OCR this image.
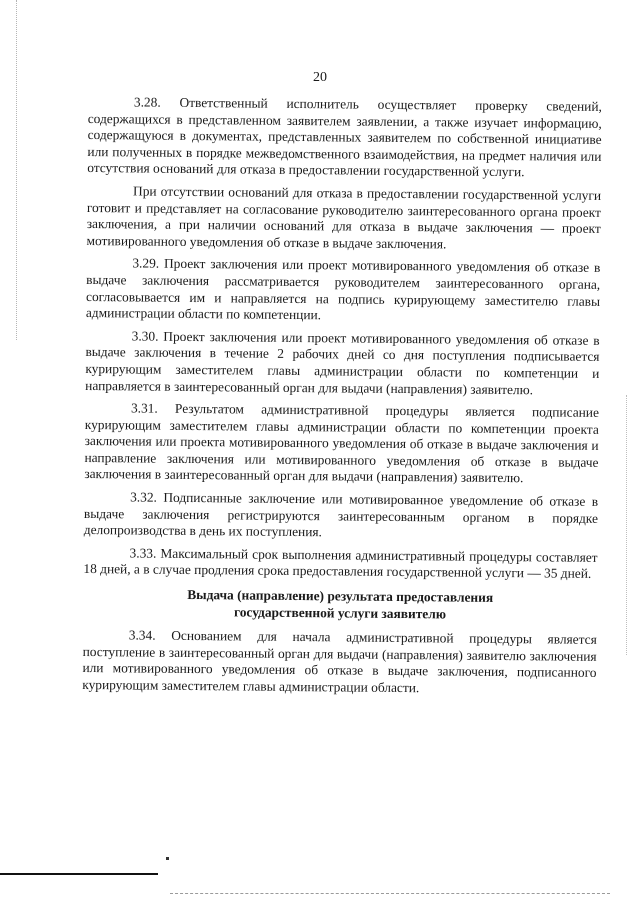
20

3.28. Ответственный исполнитель осуществляет проверку сведений, содержащихся в представленном заявителем заявлении, а также изучает информацию, содержащуюся в документах, представленных заявителем по собственной инициативе или полученных в порядке межведомственного взаимодействия, на предмет наличия или отсутствия оснований для отказа в предоставлении государственной услуги.

При отсутствии оснований для отказа в предоставлении государственной услуги готовит и представляет на согласование руководителю заинтересованного органа проект заключения, а при наличии оснований для отказа в выдаче заключения — проект мотивированного уведомления об отказе в выдаче заключения.

3.29. Проект заключения или проект мотивированного уведомления об отказе в выдаче заключения рассматривается руководителем заинтересованного органа, согласовывается им и направляется на подпись курирующему заместителю главы администрации области по компетенции.

3.30. Проект заключения или проект мотивированного уведомления об отказе в выдаче заключения в течение 2 рабочих дней со дня поступления подписывается курирующим заместителем главы администрации области по компетенции и направляется в заинтересованный орган для выдачи (направления) заявителю.

3.31. Результатом административной процедуры является подписание курирующим заместителем главы администрации области по компетенции проекта заключения или проекта мотивированного уведомления об отказе в выдаче заключения и направление заключения или мотивированного уведомления об отказе в выдаче заключения в заинтересованный орган для выдачи (направления) заявителю.

3.32. Подписанные заключение или мотивированное уведомление об отказе в выдаче заключения регистрируются заинтересованным органом в порядке делопроизводства в день их поступления.

3.33. Максимальный срок выполнения административный процедуры составляет 18 дней, а в случае продления срока предоставления государственной услуги — 35 дней.

Выдача (направление) результата предоставления
государственной услуги заявителю

3.34. Основанием для начала административной процедуры является поступление в заинтересованный орган для выдачи (направления) заявителю заключения или мотивированного уведомления об отказе в выдаче заключения, подписанного курирующим заместителем главы администрации области.
